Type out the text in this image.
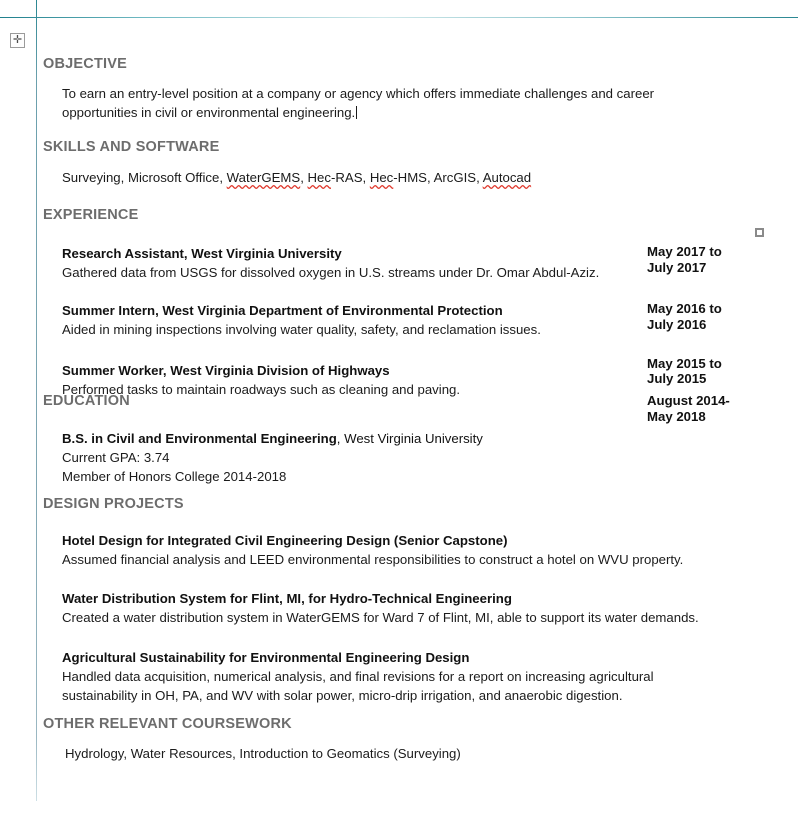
✛
OBJECTIVE
To earn an entry-level position at a company or agency which offers immediate challenges and career opportunities in civil or environmental engineering.
SKILLS AND SOFTWARE
Surveying, Microsoft Office, WaterGEMS, Hec-RAS, Hec-HMS, ArcGIS, Autocad
EXPERIENCE
Research Assistant, West Virginia University
Gathered data from USGS for dissolved oxygen in U.S. streams under Dr. Omar Abdul-Aziz.
May 2017 to
July 2017
Summer Intern, West Virginia Department of Environmental Protection
Aided in mining inspections involving water quality, safety, and reclamation issues.
May 2016 to
July 2016
Summer Worker, West Virginia Division of Highways
Performed tasks to maintain roadways such as cleaning and paving.
May 2015 to
July 2015
EDUCATION
B.S. in Civil and Environmental Engineering, West Virginia University
Current GPA: 3.74
Member of Honors College 2014-2018
August 2014-
May 2018
DESIGN PROJECTS
Hotel Design for Integrated Civil Engineering Design (Senior Capstone)
Assumed financial analysis and LEED environmental responsibilities to construct a hotel on WVU property.
Water Distribution System for Flint, MI, for Hydro-Technical Engineering
Created a water distribution system in WaterGEMS for Ward 7 of Flint, MI, able to support its water demands.
Agricultural Sustainability for Environmental Engineering Design
Handled data acquisition, numerical analysis, and final revisions for a report on increasing agricultural sustainability in OH, PA, and WV with solar power, micro-drip irrigation, and anaerobic digestion.
OTHER RELEVANT COURSEWORK
Hydrology, Water Resources, Introduction to Geomatics (Surveying)
